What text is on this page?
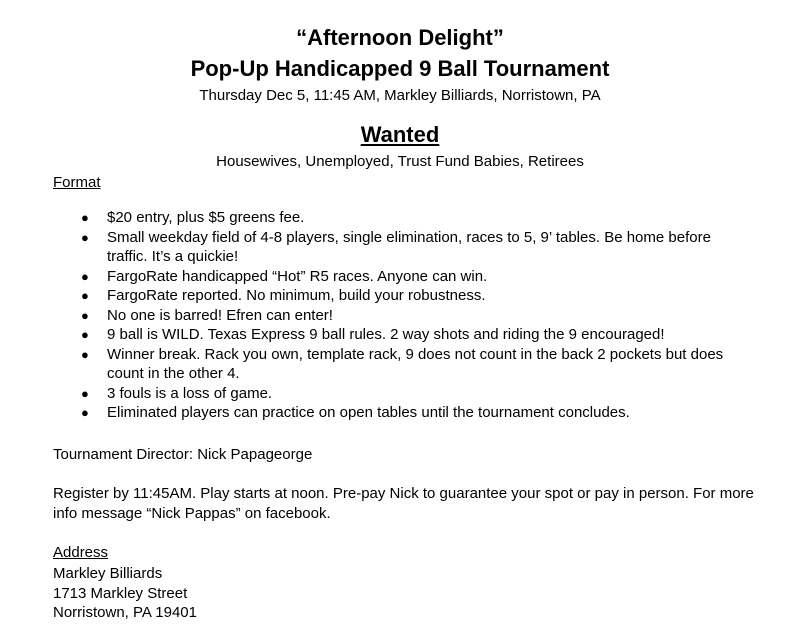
“Afternoon Delight”
Pop-Up Handicapped 9 Ball Tournament
Thursday Dec 5, 11:45 AM, Markley Billiards, Norristown, PA
Wanted
Housewives, Unemployed, Trust Fund Babies, Retirees
Format
● $20 entry, plus $5 greens fee.
● Small weekday field of 4-8 players, single elimination, races to 5, 9’ tables. Be home before traffic. It’s a quickie!
● FargoRate handicapped “Hot” R5 races. Anyone can win.
● FargoRate reported. No minimum, build your robustness.
● No one is barred! Efren can enter!
● 9 ball is WILD. Texas Express 9 ball rules. 2 way shots and riding the 9 encouraged!
● Winner break. Rack you own, template rack, 9 does not count in the back 2 pockets but does count in the other 4.
● 3 fouls is a loss of game.
● Eliminated players can practice on open tables until the tournament concludes.
Tournament Director: Nick Papageorge
Register by 11:45AM. Play starts at noon. Pre-pay Nick to guarantee your spot or pay in person. For more info message “Nick Pappas” on facebook.
Address
Markley Billiards
1713 Markley Street
Norristown, PA 19401
